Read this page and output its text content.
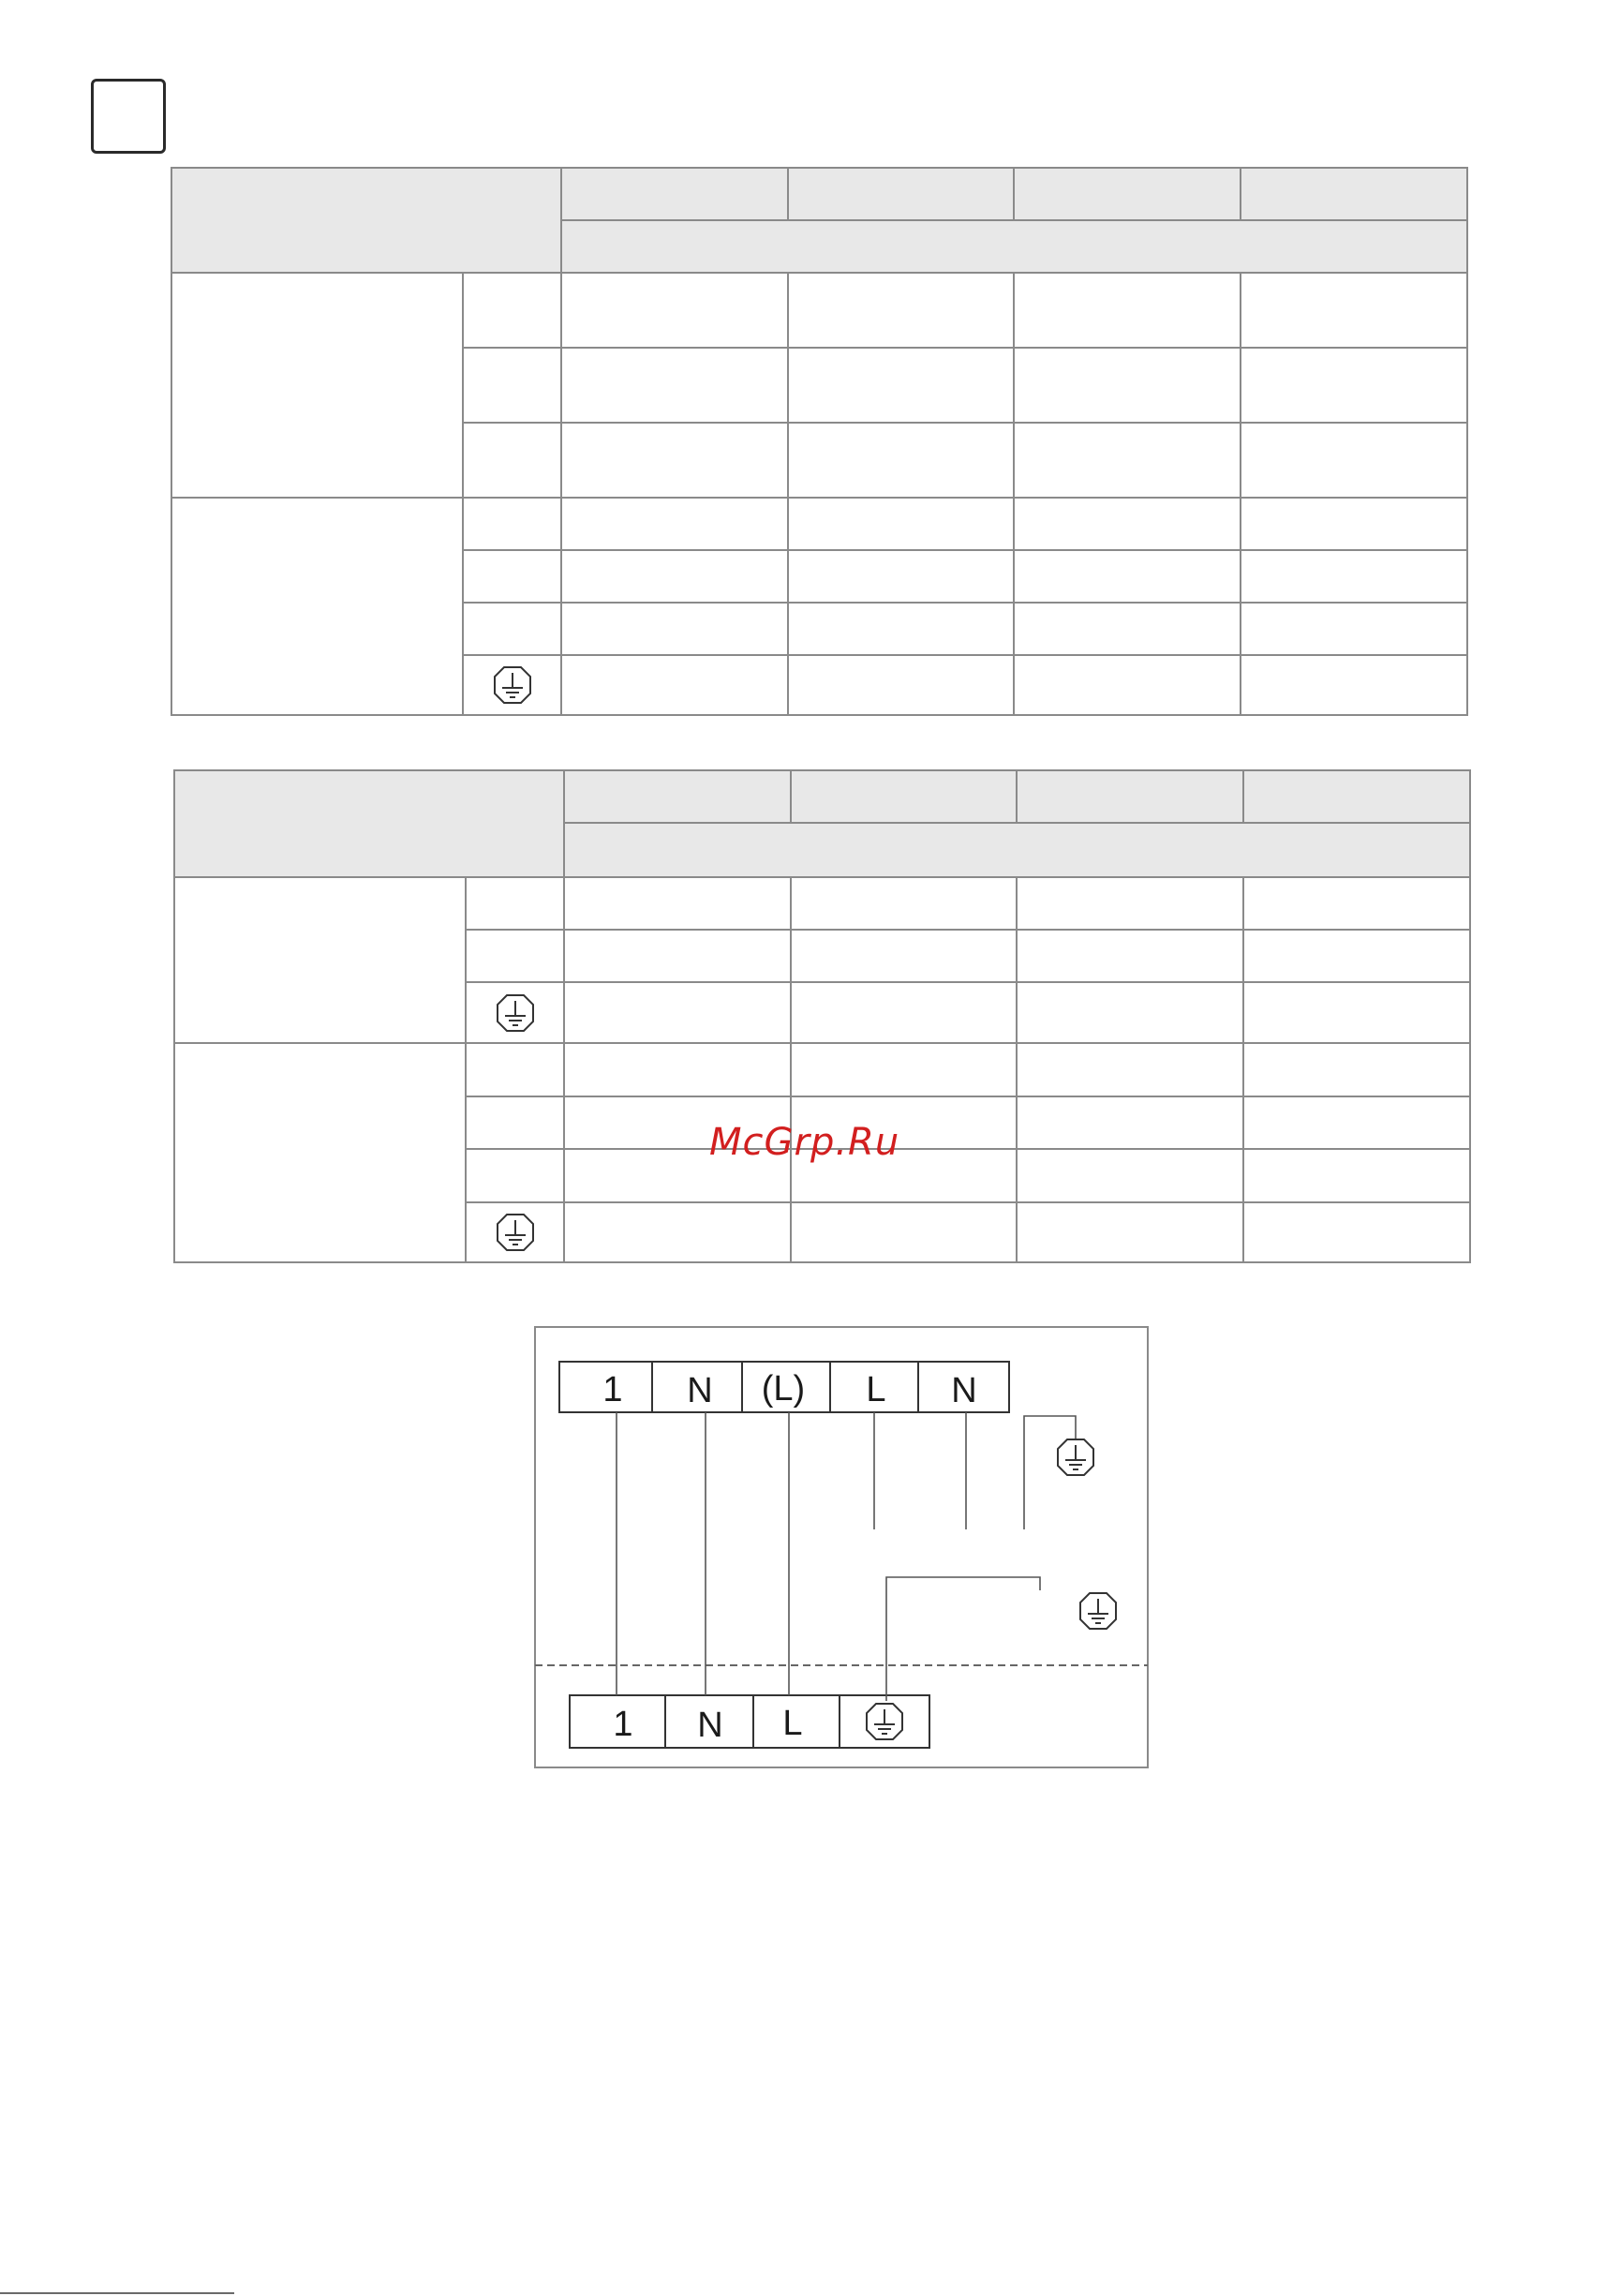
McGrp.Ru

1 N (L) L N
1 N L
